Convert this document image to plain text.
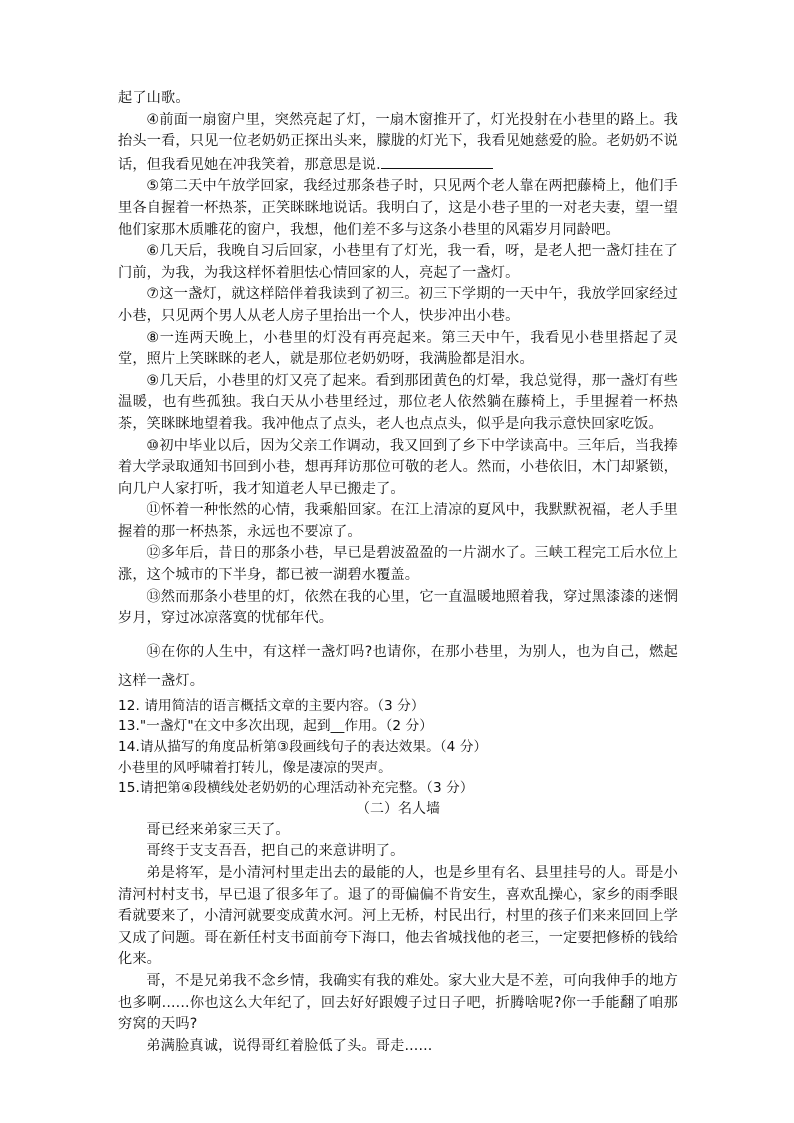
起了山歌。

④前面一扇窗户里，突然亮起了灯，一扇木窗推开了，灯光投射在小巷里的路上。我抬头一看，只见一位老奶奶正探出头来，朦胧的灯光下，我看见她慈爱的脸。老奶奶不说话，但我看见她在冲我笑着，那意思是说.

⑤第二天中午放学回家，我经过那条巷子时，只见两个老人靠在两把藤椅上，他们手里各自握着一杯热茶，正笑眯眯地说话。我明白了，这是小巷子里的一对老夫妻，望一望他们家那木质雕花的窗户，我想，他们差不多与这条小巷里的风霜岁月同龄吧。

⑥几天后，我晚自习后回家，小巷里有了灯光，我一看，呀，是老人把一盏灯挂在了门前，为我，为我这样怀着胆怯心情回家的人，亮起了一盏灯。

⑦这一盏灯，就这样陪伴着我读到了初三。初三下学期的一天中午，我放学回家经过小巷，只见两个男人从老人房子里抬出一个人，快步冲出小巷。

⑧一连两天晚上，小巷里的灯没有再亮起来。第三天中午，我看见小巷里搭起了灵堂，照片上笑眯眯的老人，就是那位老奶奶呀，我满脸都是泪水。

⑨几天后，小巷里的灯又亮了起来。看到那团黄色的灯晕，我总觉得，那一盏灯有些温暖，也有些孤独。我白天从小巷里经过，那位老人依然躺在藤椅上，手里握着一杯热茶，笑眯眯地望着我。我冲他点了点头，老人也点点头，似乎是向我示意快回家吃饭。

⑩初中毕业以后，因为父亲工作调动，我又回到了乡下中学读高中。三年后，当我捧着大学录取通知书回到小巷，想再拜访那位可敬的老人。然而，小巷依旧，木门却紧锁，向几户人家打听，我才知道老人早已搬走了。

⑪怀着一种怅然的心情，我乘船回家。在江上清凉的夏风中，我默默祝福，老人手里握着的那一杯热茶，永远也不要凉了。

⑫多年后，昔日的那条小巷，早已是碧波盈盈的一片湖水了。三峡工程完工后水位上涨，这个城市的下半身，都已被一湖碧水覆盖。

⑬然而那条小巷里的灯，依然在我的心里，它一直温暖地照着我，穿过黑漆漆的迷惘岁月，穿过冰凉落寞的忧郁年代。

⑭在你的人生中，有这样一盏灯吗?也请你，在那小巷里，为别人，也为自己，燃起这样一盏灯。

12. 请用简洁的语言概括文章的主要内容。（3 分）

13."一盏灯"在文中多次出现，起到__作用。（2 分）

14.请从描写的角度品析第③段画线句子的表达效果。（4 分）

小巷里的风呼啸着打转儿，像是凄凉的哭声。

15.请把第④段横线处老奶奶的心理活动补充完整。（3 分）

（二）名人墙

哥已经来弟家三天了。

哥终于支支吾吾，把自己的来意讲明了。

弟是将军，是小清河村里走出去的最能的人，也是乡里有名、县里挂号的人。哥是小清河村村支书，早已退了很多年了。退了的哥偏偏不肯安生，喜欢乱操心，家乡的雨季眼看就要来了，小清河就要变成黄水河。河上无桥，村民出行，村里的孩子们来来回回上学又成了问题。哥在新任村支书面前夸下海口，他去省城找他的老三，一定要把修桥的钱给化来。

哥，不是兄弟我不念乡情，我确实有我的难处。家大业大是不差，可向我伸手的地方也多啊......你也这么大年纪了，回去好好跟嫂子过日子吧，折腾啥呢?你一手能翻了咱那穷窝的天吗?

弟满脸真诚，说得哥红着脸低了头。哥走......
